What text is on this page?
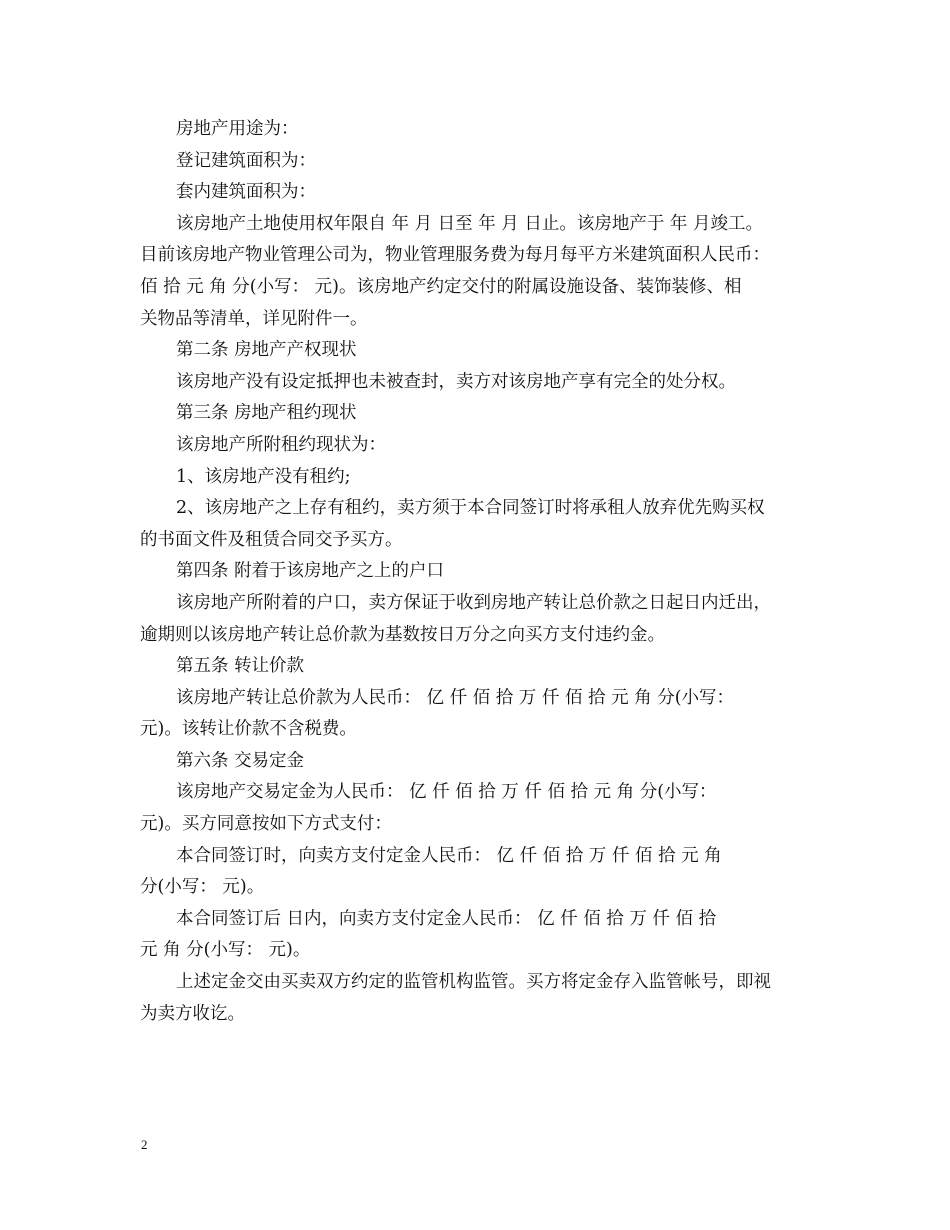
房地产用途为：

登记建筑面积为：

套内建筑面积为：

该房地产土地使用权年限自 年 月 日至 年 月 日止。该房地产于 年 月竣工。

目前该房地产物业管理公司为，物业管理服务费为每月每平方米建筑面积人民币：

佰 拾 元 角 分(小写： 元)。该房地产约定交付的附属设施设备、装饰装修、相

关物品等清单，详见附件一。

第二条 房地产产权现状

该房地产没有设定抵押也未被查封，卖方对该房地产享有完全的处分权。

第三条 房地产租约现状

该房地产所附租约现状为：

1、该房地产没有租约;

2、该房地产之上存有租约，卖方须于本合同签订时将承租人放弃优先购买权

的书面文件及租赁合同交予买方。

第四条 附着于该房地产之上的户口

该房地产所附着的户口，卖方保证于收到房地产转让总价款之日起日内迁出，

逾期则以该房地产转让总价款为基数按日万分之向买方支付违约金。

第五条 转让价款

该房地产转让总价款为人民币： 亿 仟 佰 拾 万 仟 佰 拾 元 角 分(小写：

元)。该转让价款不含税费。

第六条 交易定金

该房地产交易定金为人民币： 亿 仟 佰 拾 万 仟 佰 拾 元 角 分(小写：

元)。买方同意按如下方式支付：

本合同签订时，向卖方支付定金人民币： 亿 仟 佰 拾 万 仟 佰 拾 元 角

分(小写： 元)。

本合同签订后 日内，向卖方支付定金人民币： 亿 仟 佰 拾 万 仟 佰 拾

元 角 分(小写： 元)。

上述定金交由买卖双方约定的监管机构监管。买方将定金存入监管帐号，即视

为卖方收讫。

2
